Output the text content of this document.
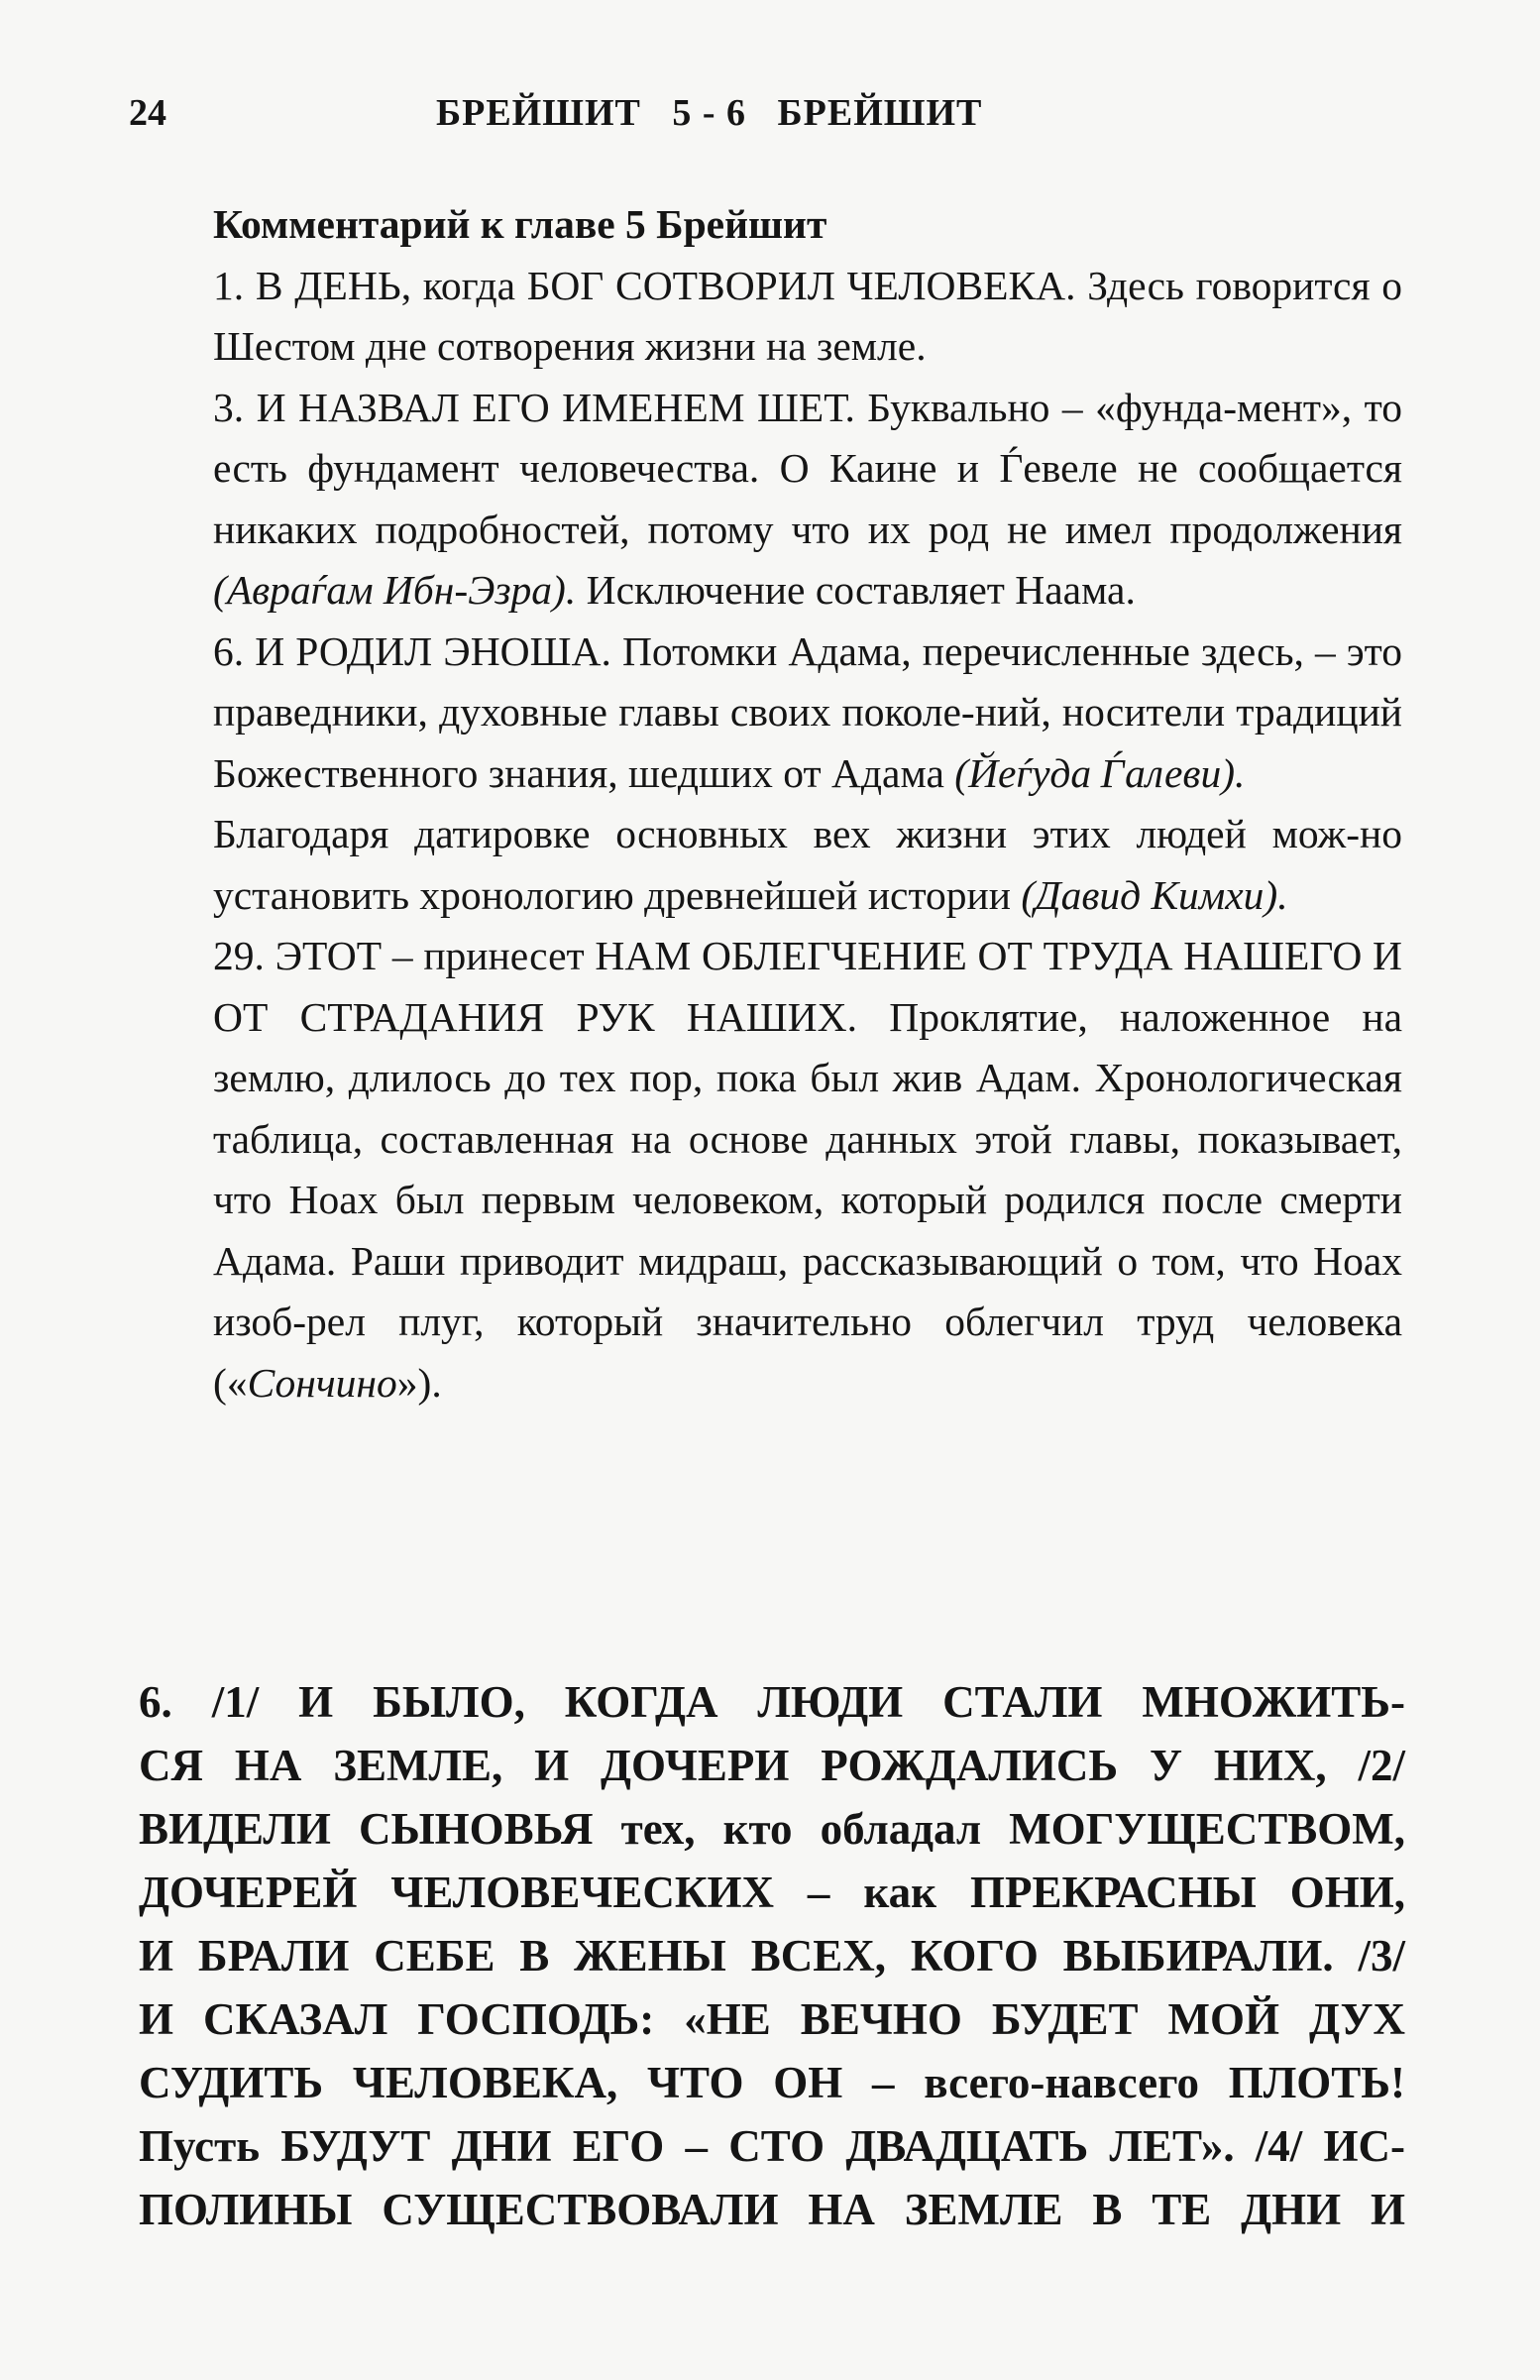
24	БРЕЙШИТ   5 - 6   БРЕЙШИТ

Комментарий к главе 5 Брейшит

1. В ДЕНЬ, когда БОГ СОТВОРИЛ ЧЕЛОВЕКА. Здесь говорится о Шестом дне сотворения жизни на земле.

3. И НАЗВАЛ ЕГО ИМЕНЕМ ШЕТ. Буквально – «фунда-мент», то есть фундамент человечества. О Каине и Ѓевеле не сообщается никаких подробностей, потому что их род не имел продолжения (Авраѓам Ибн-Эзра). Исключение составляет Наама.

6. И РОДИЛ ЭНОША. Потомки Адама, перечисленные здесь, – это праведники, духовные главы своих поколе-ний, носители традиций Божественного знания, шедших от Адама (Йеѓуда Ѓалеви).

Благодаря датировке основных вех жизни этих людей мож-но установить хронологию древнейшей истории (Давид Кимхи).

29. ЭТОТ – принесет НАМ ОБЛЕГЧЕНИЕ ОТ ТРУДА НАШЕГО И ОТ СТРАДАНИЯ РУК НАШИХ. Проклятие, наложенное на землю, длилось до тех пор, пока был жив Адам. Хронологическая таблица, составленная на основе данных этой главы, показывает, что Ноах был первым человеком, который родился после смерти Адама. Раши приводит мидраш, рассказывающий о том, что Ноах изоб-рел плуг, который значительно облегчил труд человека («Сончино»).

6. /1/ И БЫЛО, КОГДА ЛЮДИ СТАЛИ МНОЖИТЬ-

СЯ НА ЗЕМЛЕ, И ДОЧЕРИ РОЖДАЛИСЬ У НИХ, /2/

ВИДЕЛИ СЫНОВЬЯ тех, кто обладал МОГУЩЕСТВОМ,

ДОЧЕРЕЙ ЧЕЛОВЕЧЕСКИХ – как ПРЕКРАСНЫ ОНИ,

И БРАЛИ СЕБЕ В ЖЕНЫ ВСЕХ, КОГО ВЫБИРАЛИ. /3/

И СКАЗАЛ ГОСПОДЬ: «НЕ ВЕЧНО БУДЕТ МОЙ ДУХ

СУДИТЬ ЧЕЛОВЕКА, ЧТО ОН – всего-навсего ПЛОТЬ!

Пусть БУДУТ ДНИ ЕГО – СТО ДВАДЦАТЬ ЛЕТ». /4/ ИС-

ПОЛИНЫ СУЩЕСТВОВАЛИ НА ЗЕМЛЕ В ТЕ ДНИ И
